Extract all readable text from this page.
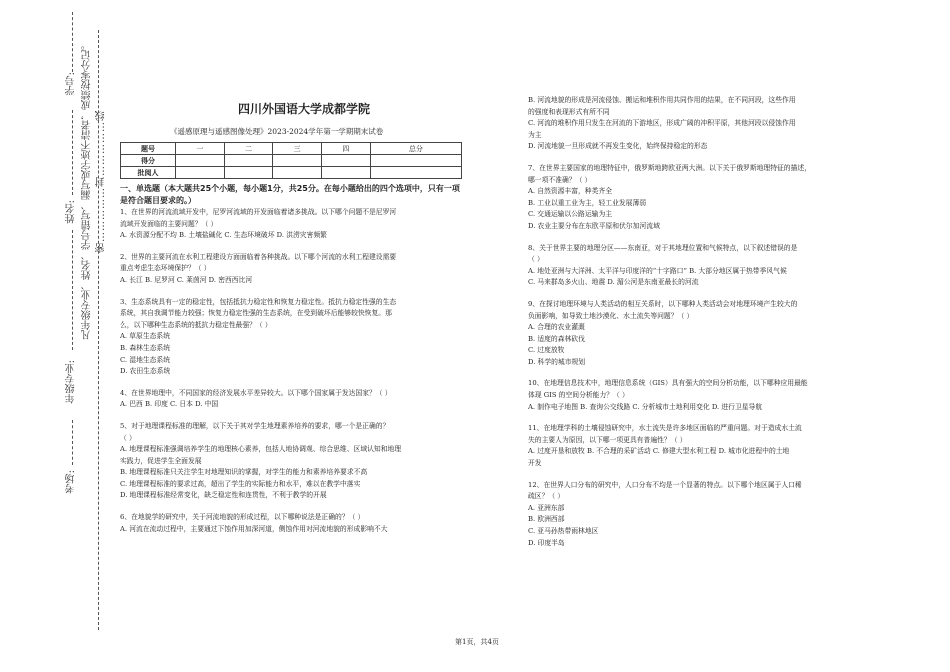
学号:
姓名:
年级专业:
考场:
凡年级专业、姓名、学号错写、漏写或字迹不清者，成绩按零分记。 密……………封……………线
四川外国语大学成都学院
《遥感原理与遥感图像处理》2023-2024学年第一学期期末试卷
题号	一	二	三	四	总分
得分					
批阅人					
一、单选题（本大题共25个小题，每小题1分，共25分。在每小题给出的四个选项中，只有一项是符合题目要求的。）
1、在世界的河流流域开发中，尼罗河流域的开发面临着诸多挑战。以下哪个问题不是尼罗河
流域开发面临的主要问题？（ ）
A. 水资源分配不均 B. 土壤盐碱化 C. 生态环境破坏 D. 洪涝灾害频繁
2、世界的主要河流在水利工程建设方面面临着各种挑战。以下哪个河流的水利工程建设需要
重点考虑生态环境保护？（ ）
A. 长江 B. 尼罗河 C. 莱茵河 D. 密西西比河
3、生态系统具有一定的稳定性，包括抵抗力稳定性和恢复力稳定性。抵抗力稳定性强的生态
系统，其自我调节能力较强；恢复力稳定性强的生态系统，在受到破坏后能够较快恢复。那
么，以下哪种生态系统的抵抗力稳定性最强？（ ）
A. 草原生态系统
B. 森林生态系统
C. 湿地生态系统
D. 农田生态系统
4、在世界地理中，不同国家的经济发展水平差异较大。以下哪个国家属于发达国家？（ ）
A. 巴西 B. 印度 C. 日本 D. 中国
5、对于地理课程标准的理解，以下关于其对学生地理素养培养的要求，哪一个是正确的？
（ ）
A. 地理课程标准强调培养学生的地理核心素养，包括人地协调观、综合思维、区域认知和地理
实践力，促进学生全面发展
B. 地理课程标准只关注学生对地理知识的掌握，对学生的能力和素养培养要求不高
C. 地理课程标准的要求过高，超出了学生的实际能力和水平，难以在教学中落实
D. 地理课程标准经常变化，缺乏稳定性和连贯性，不利于教学的开展
6、在地貌学的研究中，关于河流地貌的形成过程，以下哪种说法是正确的？（ ）
A. 河流在流动过程中，主要通过下蚀作用加深河道，侧蚀作用对河流地貌的形成影响不大
B. 河流地貌的形成是河流侵蚀、搬运和堆积作用共同作用的结果，在不同河段，这些作用
的强度和表现形式有所不同
C. 河流的堆积作用只发生在河流的下游地区，形成广阔的冲积平原，其他河段以侵蚀作用
为主
D. 河流地貌一旦形成就不再发生变化，始终保持稳定的形态
7、在世界主要国家的地理特征中，俄罗斯地跨欧亚两大洲。以下关于俄罗斯地理特征的描述，
哪一项不准确？（ ）
A. 自然资源丰富，种类齐全
B. 工业以重工业为主，轻工业发展薄弱
C. 交通运输以公路运输为主
D. 农业主要分布在东欧平原和伏尔加河流域
8、关于世界主要的地理分区——东南亚，对于其地理位置和气候特点，以下叙述错误的是
（ ）
A. 地处亚洲与大洋洲、太平洋与印度洋的“十字路口” B. 大部分地区属于热带季风气候
C. 马来群岛多火山、地震 D. 湄公河是东南亚最长的河流
9、在探讨地理环境与人类活动的相互关系时，以下哪种人类活动会对地理环境产生较大的
负面影响，如导致土地沙漠化、水土流失等问题？（ ）
A. 合理的农业灌溉
B. 适度的森林砍伐
C. 过度放牧
D. 科学的城市规划
10、在地理信息技术中，地理信息系统（GIS）具有强大的空间分析功能，以下哪种应用最能
体现 GIS 的空间分析能力？（ ）
A. 制作电子地图 B. 查询公交线路 C. 分析城市土地利用变化 D. 进行卫星导航
11、在地理学科的土壤侵蚀研究中，水土流失是许多地区面临的严重问题。对于造成水土流
失的主要人为原因，以下哪一项更具有普遍性？（ ）
A. 过度开垦和放牧 B. 不合理的采矿活动 C. 修建大型水利工程 D. 城市化进程中的土地
开发
12、在世界人口分布的研究中，人口分布不均是一个显著的特点。以下哪个地区属于人口稀
疏区？（ ）
A. 亚洲东部
B. 欧洲西部
C. 亚马孙热带雨林地区
D. 印度半岛
第1页，共4页
